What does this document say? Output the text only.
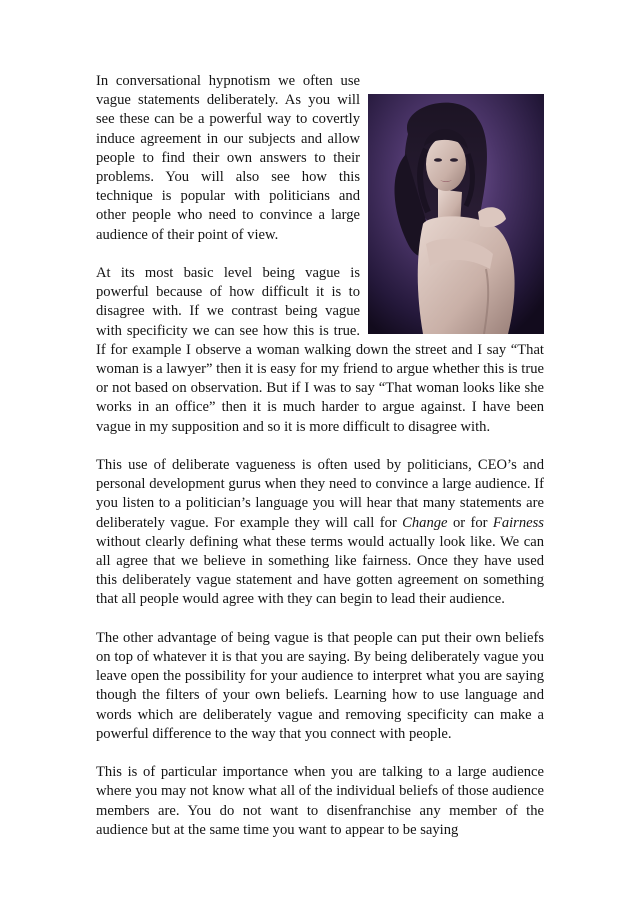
In conversational hypnotism we often use vague statements deliberately. As you will see these can be a powerful way to covertly induce agreement in our subjects and allow people to find their own answers to their problems. You will also see how this technique is popular with politicians and other people who need to convince a large audience of their point of view.

At its most basic level being vague is powerful because of how difficult it is to disagree with. If we contrast being vague with specificity we can see how this is true. If for example I observe a woman walking down the street and I say “That woman is a lawyer” then it is easy for my friend to argue whether this is true or not based on observation. But if I was to say “That woman looks like she works in an office” then it is much harder to argue against. I have been vague in my supposition and so it is more difficult to disagree with.

This use of deliberate vagueness is often used by politicians, CEO’s and personal development gurus when they need to convince a large audience. If you listen to a politician’s language you will hear that many statements are deliberately vague. For example they will call for Change or for Fairness without clearly defining what these terms would actually look like. We can all agree that we believe in something like fairness. Once they have used this deliberately vague statement and have gotten agreement on something that all people would agree with they can begin to lead their audience.

The other advantage of being vague is that people can put their own beliefs on top of whatever it is that you are saying. By being deliberately vague you leave open the possibility for your audience to interpret what you are saying though the filters of your own beliefs. Learning how to use language and words which are deliberately vague and removing specificity can make a powerful difference to the way that you connect with people.

This is of particular importance when you are talking to a large audience where you may not know what all of the individual beliefs of those audience members are. You do not want to disenfranchise any member of the audience but at the same time you want to appear to be saying
